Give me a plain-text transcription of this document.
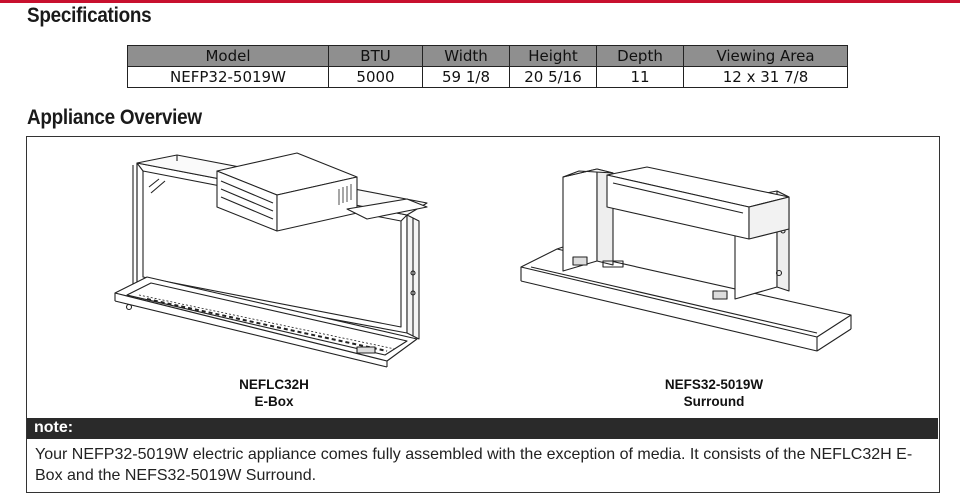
Specifications
Model	BTU	Width	Height	Depth	Viewing Area
NEFP32-5019W	5000	59 1/8	20 5/16	11	12 x 31 7/8
Appliance Overview
NEFLC32H
E-Box
NEFS32-5019W
Surround
note:
Your NEFP32-5019W electric appliance comes fully assembled with the exception of media. It consists of the NEFLC32H E-Box and the NEFS32-5019W Surround.
